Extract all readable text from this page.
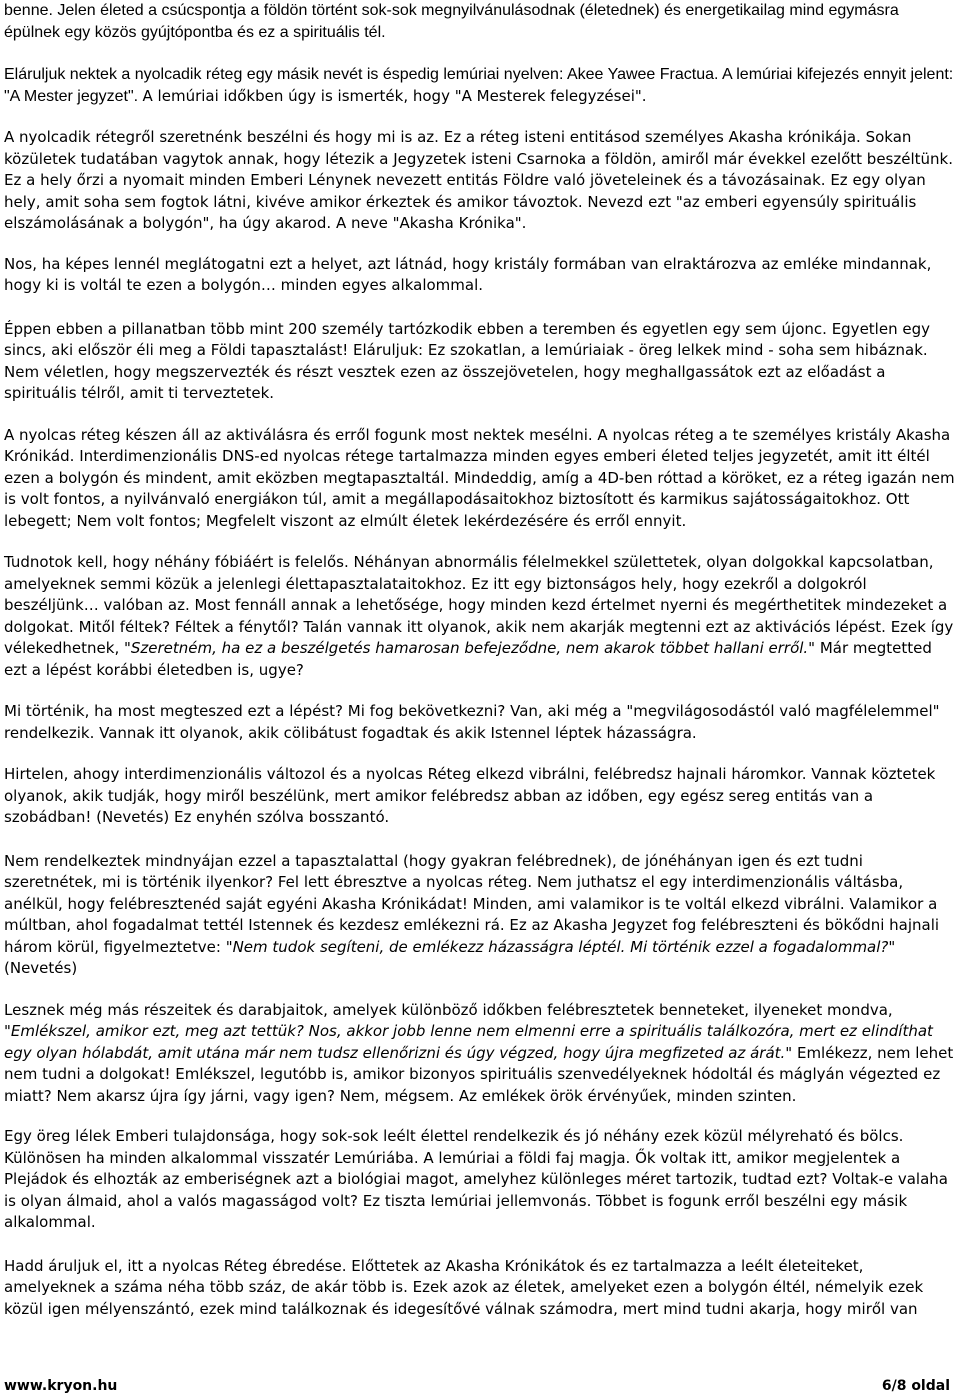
benne. Jelen életed a csúcspontja a földön történt sok-sok megnyilvánulásodnak (életednek) és energetikailag mind egymásra épülnek egy közös gyújtópontba és ez a spirituális tél.

Eláruljuk nektek a nyolcadik réteg egy másik nevét is éspedig lemúriai nyelven: Akee Yawee Fractua. A lemúriai kifejezés ennyit jelent: "A Mester jegyzet". A lemúriai időkben úgy is ismerték, hogy "A Mesterek felegyzései".

A nyolcadik rétegről szeretnénk beszélni és hogy mi is az. Ez a réteg isteni entitásod személyes Akasha krónikája. Sokan közületek tudatában vagytok annak, hogy létezik a Jegyzetek isteni Csarnoka a földön, amiről már évekkel ezelőtt beszéltünk. Ez a hely őrzi a nyomait minden Emberi Lénynek nevezett entitás Földre való jöveteleinek és a távozásainak. Ez egy olyan hely, amit soha sem fogtok látni, kivéve amikor érkeztek és amikor távoztok. Nevezd ezt "az emberi egyensúly spirituális elszámolásának a bolygón", ha úgy akarod. A neve "Akasha Krónika".

Nos, ha képes lennél meglátogatni ezt a helyet, azt látnád, hogy kristály formában van elraktározva az emléke mindannak, hogy ki is voltál te ezen a bolygón… minden egyes alkalommal.

Éppen ebben a pillanatban több mint 200 személy tartózkodik ebben a teremben és egyetlen egy sem újonc. Egyetlen egy sincs, aki először éli meg a Földi tapasztalást! Eláruljuk: Ez szokatlan, a lemúriaiak - öreg lelkek mind - soha sem hibáznak. Nem véletlen, hogy megszervezték és részt vesztek ezen az összejövetelen, hogy meghallgassátok ezt az előadást a spirituális télről, amit ti terveztetek.

A nyolcas réteg készen áll az aktiválásra és erről fogunk most nektek mesélni. A nyolcas réteg a te személyes kristály Akasha Krónikád. Interdimenzionális DNS-ed nyolcas rétege tartalmazza minden egyes emberi életed teljes jegyzetét, amit itt éltél ezen a bolygón és mindent, amit eközben megtapasztaltál. Mindeddig, amíg a 4D-ben róttad a köröket, ez a réteg igazán nem is volt fontos, a nyilvánvaló energiákon túl, amit a megállapodásaitokhoz biztosított és karmikus sajátosságaitokhoz. Ott lebegett; Nem volt fontos; Megfelelt viszont az elmúlt életek lekérdezésére és erről ennyit.

Tudnotok kell, hogy néhány fóbiáért is felelős. Néhányan abnormális félelmekkel születtetek, olyan dolgokkal kapcsolatban, amelyeknek semmi közük a jelenlegi élettapasztalataitokhoz. Ez itt egy biztonságos hely, hogy ezekről a dolgokról beszéljünk… valóban az. Most fennáll annak a lehetősége, hogy minden kezd értelmet nyerni és megérthetitek mindezeket a dolgokat. Mitől féltek? Féltek a fénytől? Talán vannak itt olyanok, akik nem akarják megtenni ezt az aktivációs lépést. Ezek így vélekedhetnek, "Szeretném, ha ez a beszélgetés hamarosan befejeződne, nem akarok többet hallani erről." Már megtetted ezt a lépést korábbi életedben is, ugye?

Mi történik, ha most megteszed ezt a lépést? Mi fog bekövetkezni? Van, aki még a "megvilágosodástól való magfélelemmel" rendelkezik. Vannak itt olyanok, akik cölibátust fogadtak és akik Istennel léptek házasságra.

Hirtelen, ahogy interdimenzionális változol és a nyolcas Réteg elkezd vibrálni, felébredsz hajnali háromkor. Vannak köztetek olyanok, akik tudják, hogy miről beszélünk, mert amikor felébredsz abban az időben, egy egész sereg entitás van a szobádban! (Nevetés) Ez enyhén szólva bosszantó.

Nem rendelkeztek mindnyájan ezzel a tapasztalattal (hogy gyakran felébrednek), de jónéhányan igen és ezt tudni szeretnétek, mi is történik ilyenkor? Fel lett ébresztve a nyolcas réteg. Nem juthatsz el egy interdimenzionális váltásba, anélkül, hogy felébresztenéd saját egyéni Akasha Krónikádat! Minden, ami valamikor is te voltál elkezd vibrálni. Valamikor a múltban, ahol fogadalmat tettél Istennek és kezdesz emlékezni rá. Ez az Akasha Jegyzet fog felébreszteni és bökődni hajnali három körül, figyelmeztetve: "Nem tudok segíteni, de emlékezz házasságra léptél. Mi történik ezzel a fogadalommal?" (Nevetés)

Lesznek még más részeitek és darabjaitok, amelyek különböző időkben felébresztetek benneteket, ilyeneket mondva, "Emlékszel, amikor ezt, meg azt tettük? Nos, akkor jobb lenne nem elmenni erre a spirituális találkozóra, mert ez elindíthat egy olyan hólabdát, amit utána már nem tudsz ellenőrizni és úgy végzed, hogy újra megfizeted az árát." Emlékezz, nem lehet nem tudni a dolgokat! Emlékszel, legutóbb is, amikor bizonyos spirituális szenvedélyeknek hódoltál és máglyán végezted ez miatt? Nem akarsz újra így járni, vagy igen? Nem, mégsem. Az emlékek örök érvényűek, minden szinten.

Egy öreg lélek Emberi tulajdonsága, hogy sok-sok leélt élettel rendelkezik és jó néhány ezek közül mélyreható és bölcs. Különösen ha minden alkalommal visszatér Lemúriába. A lemúriai a földi faj magja. Ők voltak itt, amikor megjelentek a Plejádok és elhozták az emberiségnek azt a biológiai magot, amelyhez különleges méret tartozik, tudtad ezt? Voltak-e valaha is olyan álmaid, ahol a valós magasságod volt? Ez tiszta lemúriai jellemvonás. Többet is fogunk erről beszélni egy másik alkalommal.

Hadd áruljuk el, itt a nyolcas Réteg ébredése. Előttetek az Akasha Krónikátok és ez tartalmazza a leélt életeiteket, amelyeknek a száma néha több száz, de akár több is. Ezek azok az életek, amelyeket ezen a bolygón éltél, némelyik ezek közül igen mélyenszántó, ezek mind találkoznak és idegesítővé válnak számodra, mert mind tudni akarja, hogy miről van

www.kryon.hu	6/8 oldal
